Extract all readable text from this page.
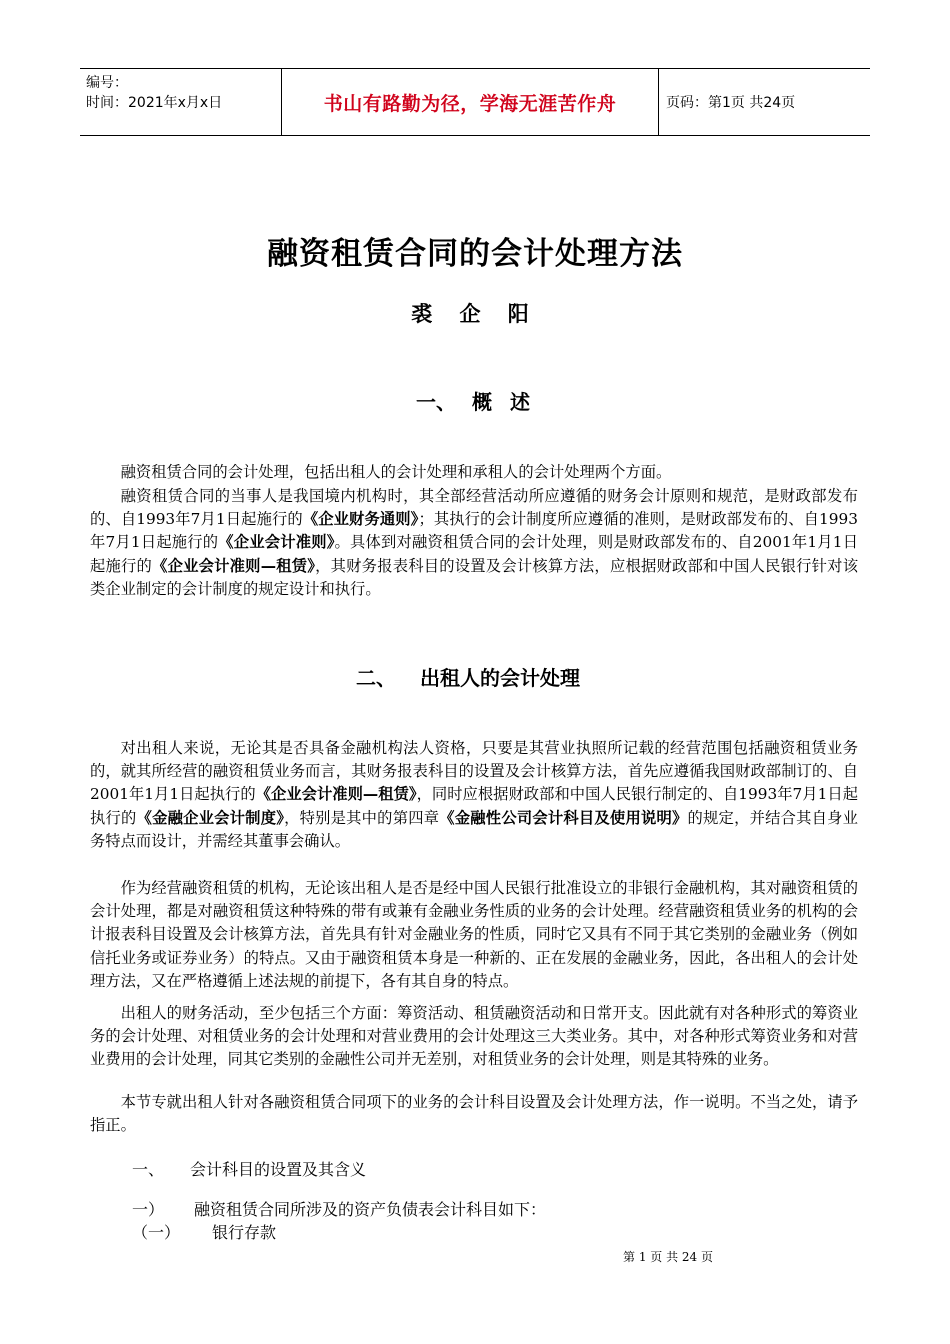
编号：
时间：2021年x月x日	书山有路勤为径，学海无涯苦作舟	页码：第1页 共24页
融资租赁合同的会计处理方法
裘 企 阳
一、 概述

融资租赁合同的会计处理，包括出租人的会计处理和承租人的会计处理两个方面。

融资租赁合同的当事人是我国境内机构时，其全部经营活动所应遵循的财务会计原则和规范，是财政部发布的、自1993年7月1日起施行的《企业财务通则》；其执行的会计制度所应遵循的准则，是财政部发布的、自1993年7月1日起施行的《企业会计准则》。具体到对融资租赁合同的会计处理，则是财政部发布的、自2001年1月1日起施行的《企业会计准则—租赁》，其财务报表科目的设置及会计核算方法，应根据财政部和中国人民银行针对该类企业制定的会计制度的规定设计和执行。

二、 出租人的会计处理

对出租人来说，无论其是否具备金融机构法人资格，只要是其营业执照所记载的经营范围包括融资租赁业务的，就其所经营的融资租赁业务而言，其财务报表科目的设置及会计核算方法，首先应遵循我国财政部制订的、自2001年1月1日起执行的《企业会计准则—租赁》，同时应根据财政部和中国人民银行制定的、自1993年7月1日起执行的《金融企业会计制度》，特别是其中的第四章《金融性公司会计科目及使用说明》的规定，并结合其自身业务特点而设计，并需经其董事会确认。

作为经营融资租赁的机构，无论该出租人是否是经中国人民银行批准设立的非银行金融机构，其对融资租赁的会计处理，都是对融资租赁这种特殊的带有或兼有金融业务性质的业务的会计处理。经营融资租赁业务的机构的会计报表科目设置及会计核算方法，首先具有针对金融业务的性质，同时它又具有不同于其它类别的金融业务（例如信托业务或证券业务）的特点。又由于融资租赁本身是一种新的、正在发展的金融业务，因此，各出租人的会计处理方法，又在严格遵循上述法规的前提下，各有其自身的特点。

出租人的财务活动，至少包括三个方面：筹资活动、租赁融资活动和日常开支。因此就有对各种形式的筹资业务的会计处理、对租赁业务的会计处理和对营业费用的会计处理这三大类业务。其中，对各种形式筹资业务和对营业费用的会计处理，同其它类别的金融性公司并无差别，对租赁业务的会计处理，则是其特殊的业务。

本节专就出租人针对各融资租赁合同项下的业务的会计科目设置及会计处理方法，作一说明。不当之处，请予指正。

一、 会计科目的设置及其含义
一） 融资租赁合同所涉及的资产负债表会计科目如下：
（一） 银行存款
第 1 页 共 24 页
